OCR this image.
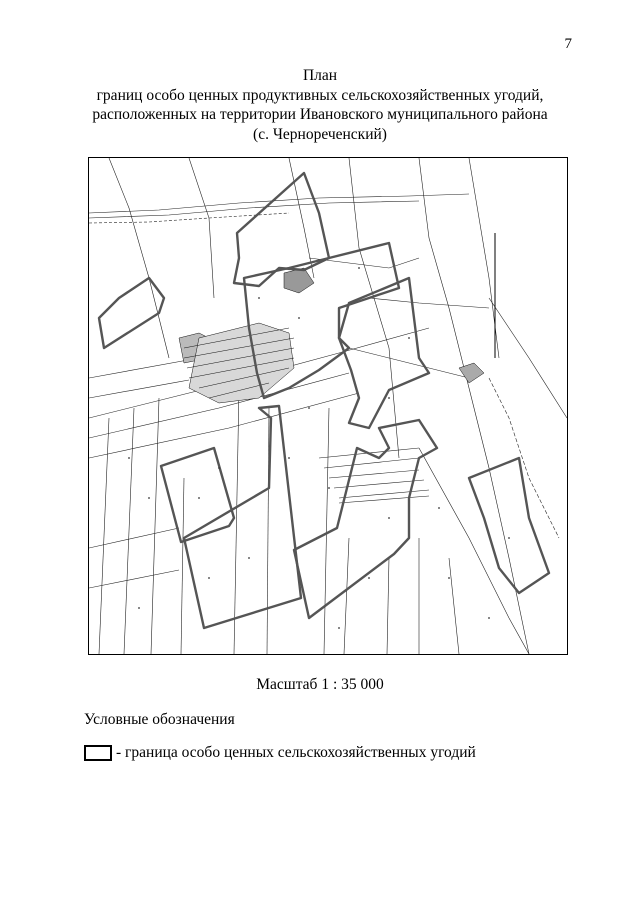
7
План
границ особо ценных продуктивных сельскохозяйственных угодий,
расположенных на территории Ивановского муниципального района
(с. Чернореченский)
Масштаб 1 : 35 000
Условные обозначения
- граница особо ценных сельскохозяйственных угодий
